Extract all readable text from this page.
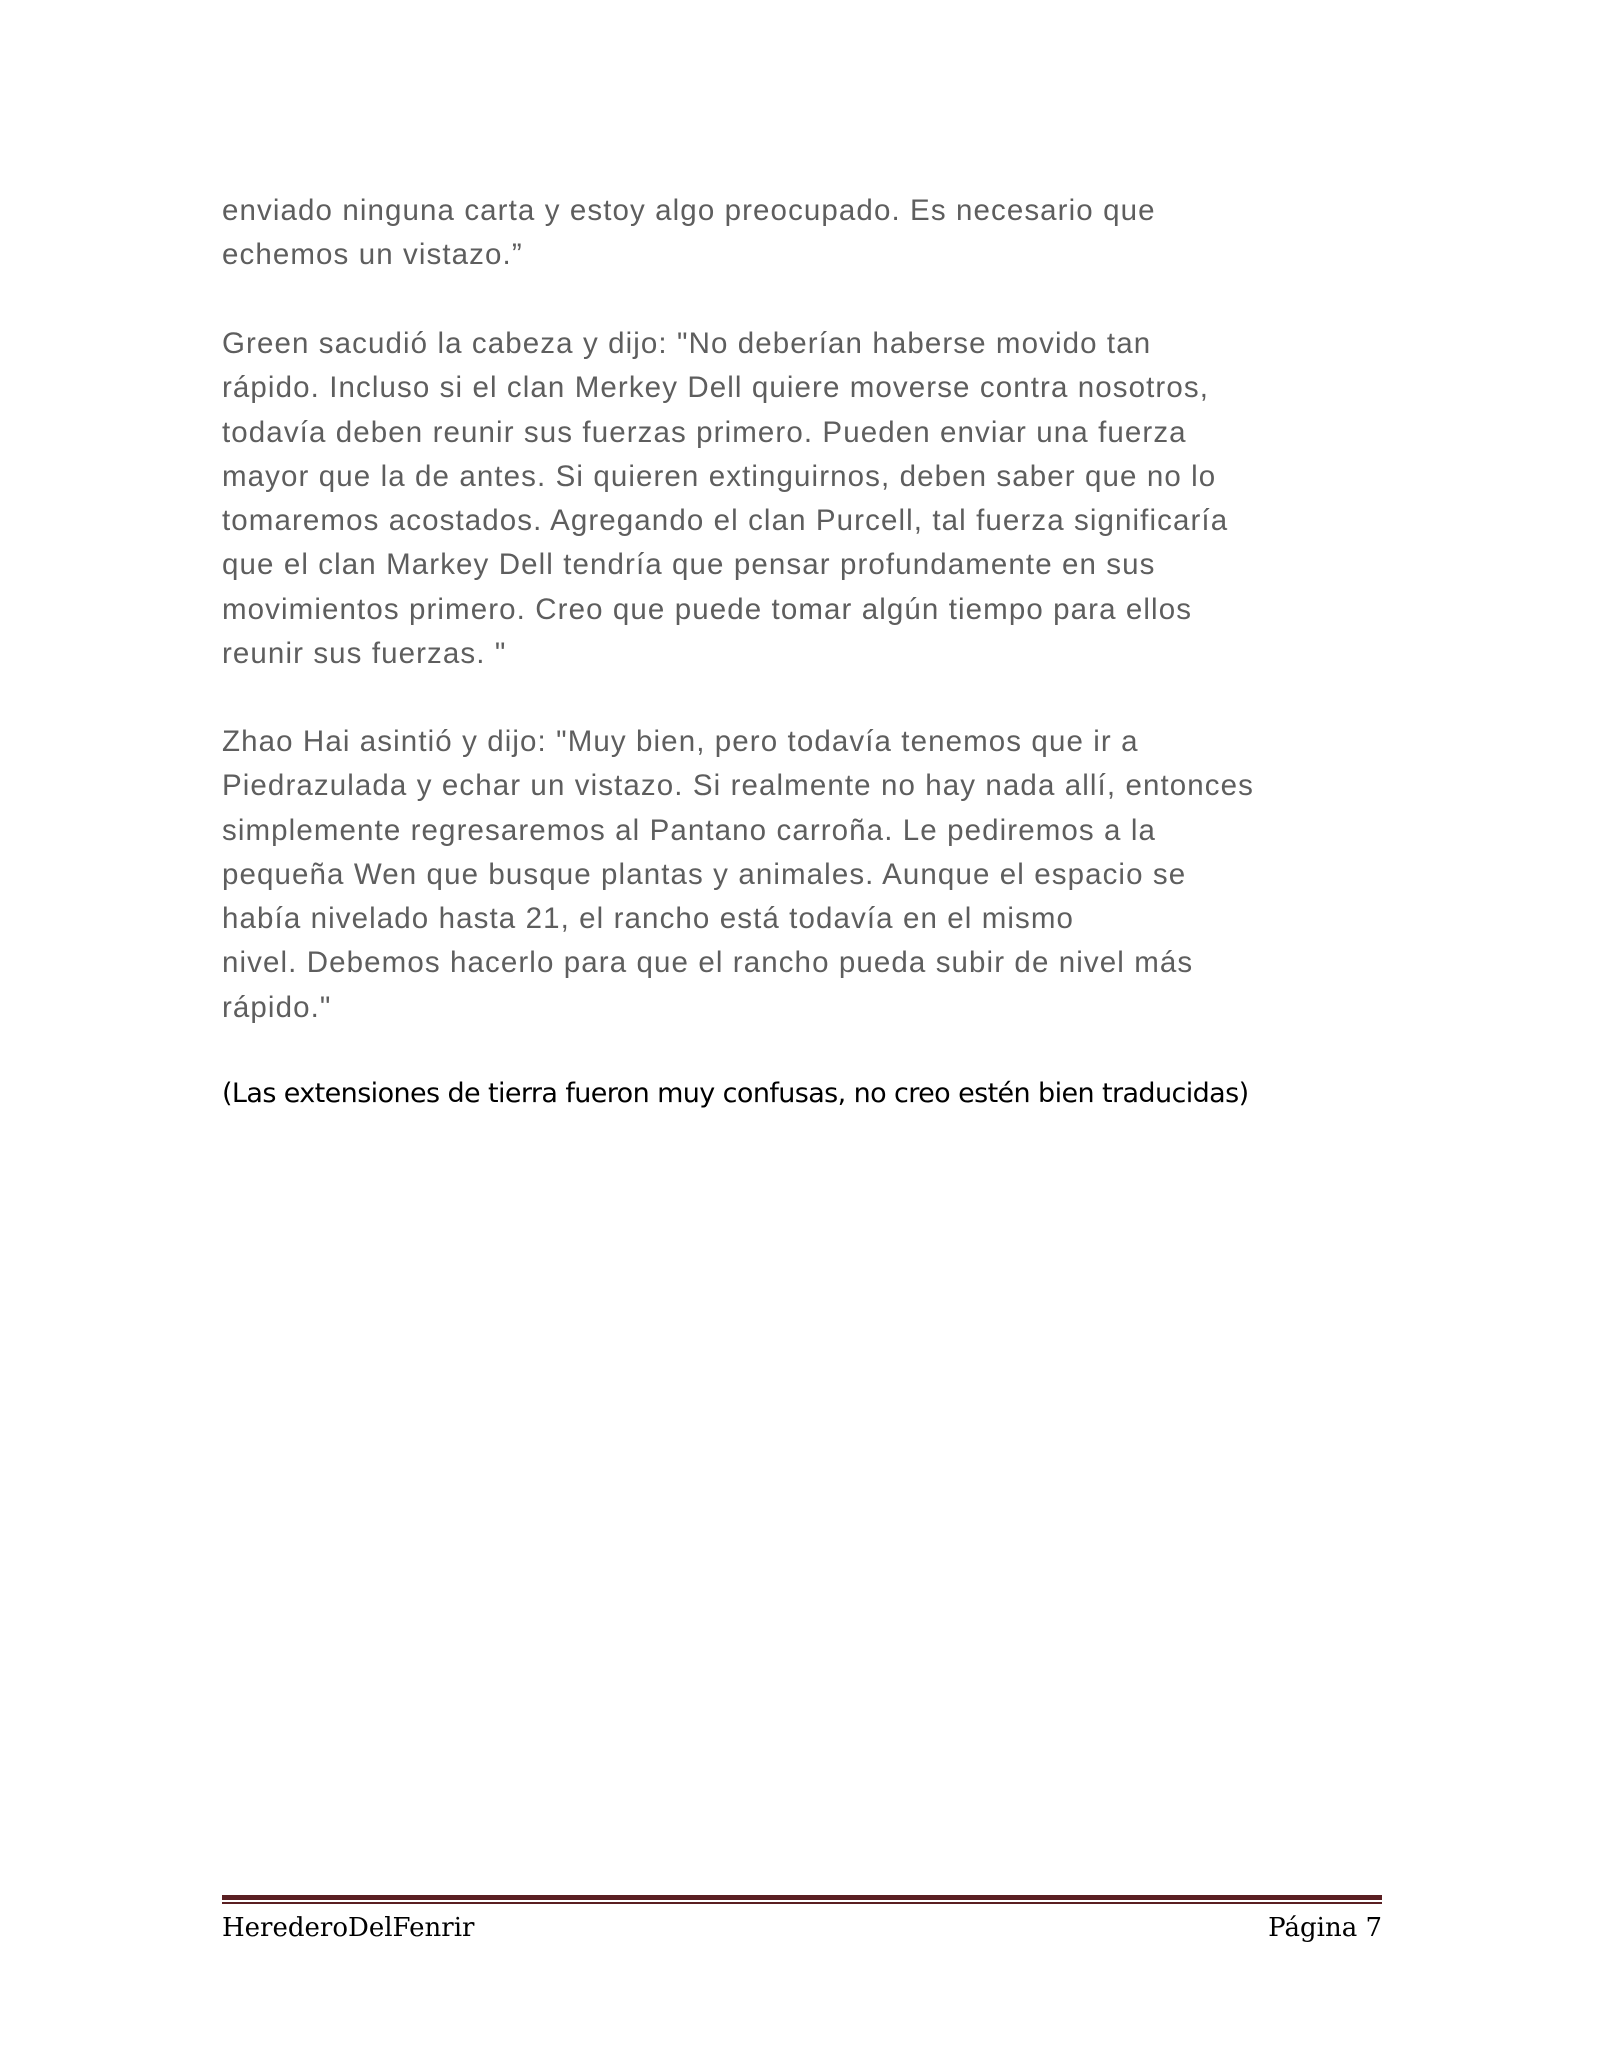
enviado ninguna carta y estoy algo preocupado. Es necesario que
echemos un vistazo.”
Green sacudió la cabeza y dijo: "No deberían haberse movido tan
rápido. Incluso si el clan Merkey Dell quiere moverse contra nosotros,
todavía deben reunir sus fuerzas primero. Pueden enviar una fuerza
mayor que la de antes. Si quieren extinguirnos, deben saber que no lo
tomaremos acostados. Agregando el clan Purcell, tal fuerza significaría
que el clan Markey Dell tendría que pensar profundamente en sus
movimientos primero. Creo que puede tomar algún tiempo para ellos
reunir sus fuerzas. "
Zhao Hai asintió y dijo: "Muy bien, pero todavía tenemos que ir a
Piedrazulada y echar un vistazo. Si realmente no hay nada allí, entonces
simplemente regresaremos al Pantano carroña. Le pediremos a la
pequeña Wen que busque plantas y animales. Aunque el espacio se
había nivelado hasta 21, el rancho está todavía en el mismo
nivel. Debemos hacerlo para que el rancho pueda subir de nivel más
rápido."

(Las extensiones de tierra fueron muy confusas, no creo estén bien traducidas)

HerederoDelFenrir	Página 7
